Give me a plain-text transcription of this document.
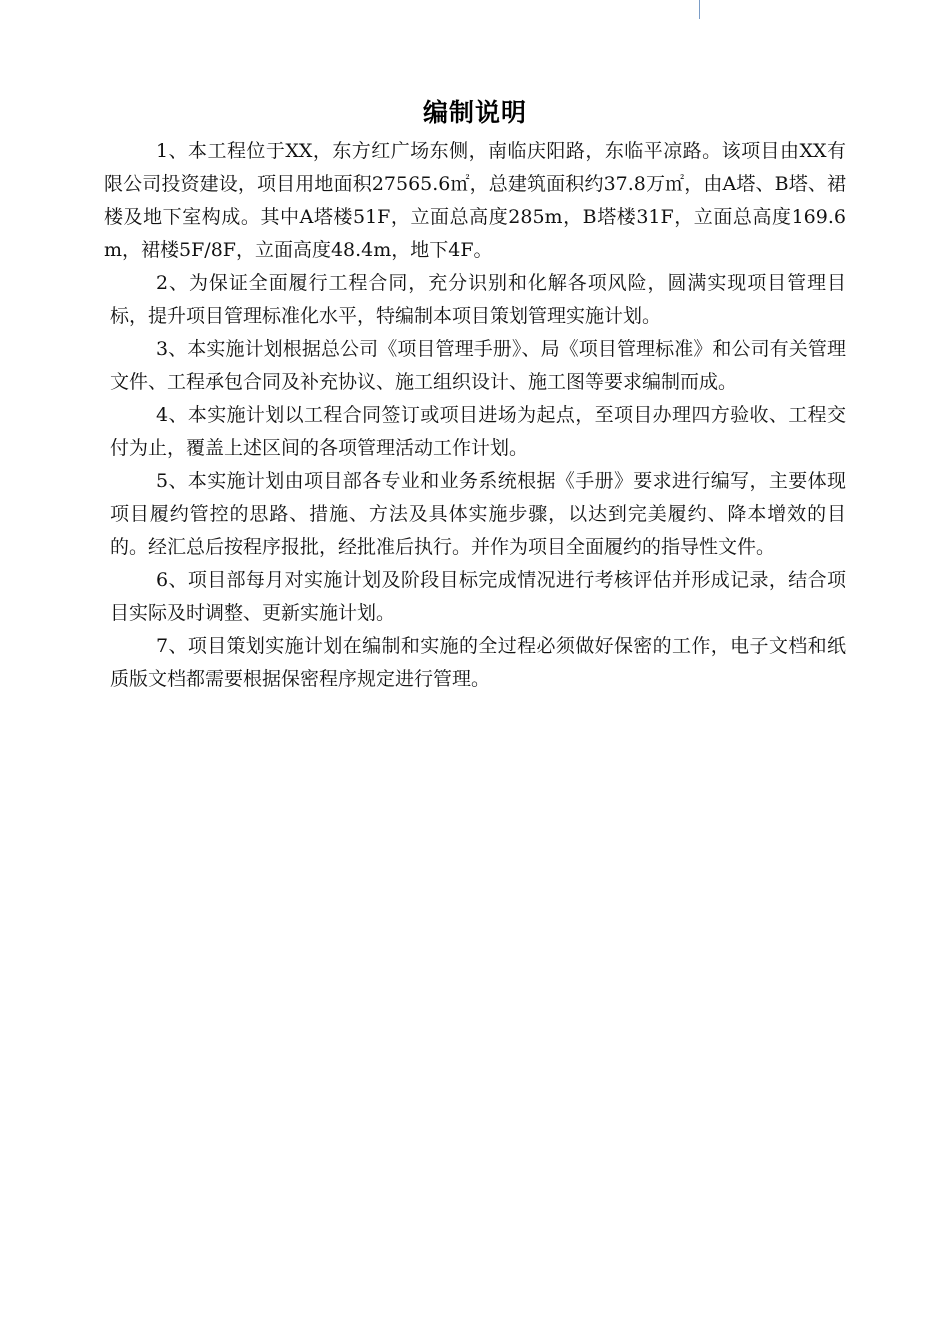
编制说明

1、本工程位于XX，东方红广场东侧，南临庆阳路，东临平凉路。该项目由XX有限公司投资建设，项目用地面积27565.6㎡，总建筑面积约37.8万㎡，由A塔、B塔、裙楼及地下室构成。其中A塔楼51F，立面总高度285m，B塔楼31F，立面总高度169.6m，裙楼5F/8F，立面高度48.4m，地下4F。

2、为保证全面履行工程合同，充分识别和化解各项风险，圆满实现项目管理目标，提升项目管理标准化水平，特编制本项目策划管理实施计划。

3、本实施计划根据总公司《项目管理手册》、局《项目管理标准》和公司有关管理文件、工程承包合同及补充协议、施工组织设计、施工图等要求编制而成。

4、本实施计划以工程合同签订或项目进场为起点，至项目办理四方验收、工程交付为止，覆盖上述区间的各项管理活动工作计划。

5、本实施计划由项目部各专业和业务系统根据《手册》要求进行编写，主要体现项目履约管控的思路、措施、方法及具体实施步骤，以达到完美履约、降本增效的目的。经汇总后按程序报批，经批准后执行。并作为项目全面履约的指导性文件。

6、项目部每月对实施计划及阶段目标完成情况进行考核评估并形成记录，结合项目实际及时调整、更新实施计划。

7、项目策划实施计划在编制和实施的全过程必须做好保密的工作，电子文档和纸质版文档都需要根据保密程序规定进行管理。
